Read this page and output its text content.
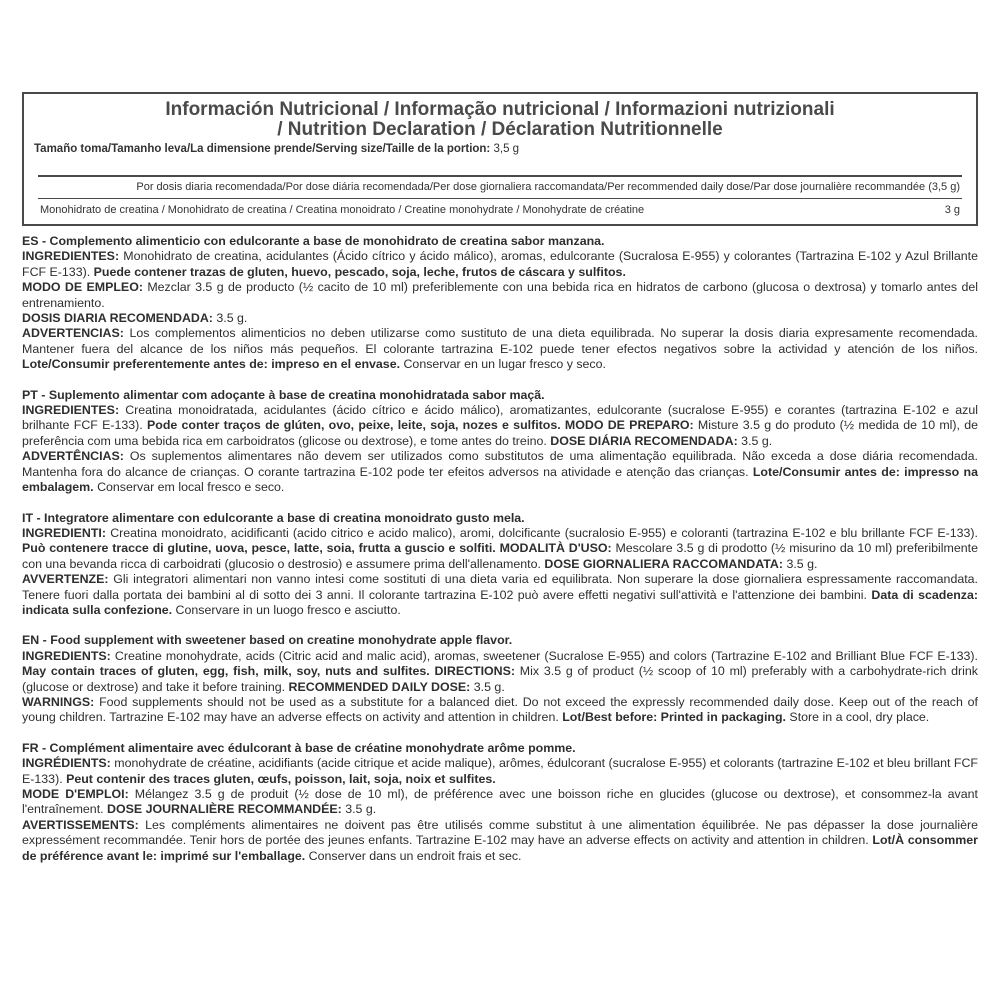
Información Nutricional / Informação nutricional / Informazioni nutrizionali
/ Nutrition Declaration / Déclaration Nutritionnelle
Tamaño toma/Tamanho leva/La dimensione prende/Serving size/Taille de la portion: 3,5 g
Por dosis diaria recomendada/Por dose diária recomendada/Per dose giornaliera raccomandata/Per recommended daily dose/Par dose journalière recommandée (3,5 g)
Monohidrato de creatina / Monohidrato de creatina / Creatina monoidrato / Creatine monohydrate / Monohydrate de créatine	3 g

ES - Complemento alimenticio con edulcorante a base de monohidrato de creatina sabor manzana.

INGREDIENTES: Monohidrato de creatina, acidulantes (Ácido cítrico y ácido málico), aromas, edulcorante (Sucralosa E-955) y colorantes (Tartrazina E-102 y Azul Brillante FCF E-133). Puede contener trazas de gluten, huevo, pescado, soja, leche, frutos de cáscara y sulfitos.

MODO DE EMPLEO: Mezclar 3.5 g de producto (½ cacito de 10 ml) preferiblemente con una bebida rica en hidratos de carbono (glucosa o dextrosa) y tomarlo antes del entrenamiento.

DOSIS DIARIA RECOMENDADA: 3.5 g.

ADVERTENCIAS: Los complementos alimenticios no deben utilizarse como sustituto de una dieta equilibrada. No superar la dosis diaria expresamente recomendada. Mantener fuera del alcance de los niños más pequeños. El colorante tartrazina E-102 puede tener efectos negativos sobre la actividad y atención de los niños. Lote/Consumir preferentemente antes de: impreso en el envase. Conservar en un lugar fresco y seco.

PT - Suplemento alimentar com adoçante à base de creatina monohidratada sabor maçã.

INGREDIENTES: Creatina monoidratada, acidulantes (ácido cítrico e ácido málico), aromatizantes, edulcorante (sucralose E-955) e corantes (tartrazina E-102 e azul brilhante FCF E-133). Pode conter traços de glúten, ovo, peixe, leite, soja, nozes e sulfitos. MODO DE PREPARO: Misture 3.5 g do produto (½ medida de 10 ml), de preferência com uma bebida rica em carboidratos (glicose ou dextrose), e tome antes do treino. DOSE DIÁRIA RECOMENDADA: 3.5 g.

ADVERTÊNCIAS: Os suplementos alimentares não devem ser utilizados como substitutos de uma alimentação equilibrada. Não exceda a dose diária recomendada. Mantenha fora do alcance de crianças. O corante tartrazina E-102 pode ter efeitos adversos na atividade e atenção das crianças. Lote/Consumir antes de: impresso na embalagem. Conservar em local fresco e seco.

IT - Integratore alimentare con edulcorante a base di creatina monoidrato gusto mela.

INGREDIENTI: Creatina monoidrato, acidificanti (acido citrico e acido malico), aromi, dolcificante (sucralosio E-955) e coloranti (tartrazina E-102 e blu brillante FCF E-133). Può contenere tracce di glutine, uova, pesce, latte, soia, frutta a guscio e solfiti. MODALITÀ D'USO: Mescolare 3.5 g di prodotto (½ misurino da 10 ml) preferibilmente con una bevanda ricca di carboidrati (glucosio o destrosio) e assumere prima dell'allenamento. DOSE GIORNALIERA RACCOMANDATA: 3.5 g.

AVVERTENZE: Gli integratori alimentari non vanno intesi come sostituti di una dieta varia ed equilibrata. Non superare la dose giornaliera espressamente raccomandata. Tenere fuori dalla portata dei bambini al di sotto dei 3 anni. Il colorante tartrazina E-102 può avere effetti negativi sull'attività e l'attenzione dei bambini. Data di scadenza: indicata sulla confezione. Conservare in un luogo fresco e asciutto.

EN - Food supplement with sweetener based on creatine monohydrate apple flavor.

INGREDIENTS: Creatine monohydrate, acids (Citric acid and malic acid), aromas, sweetener (Sucralose E-955) and colors (Tartrazine E-102 and Brilliant Blue FCF E-133). May contain traces of gluten, egg, fish, milk, soy, nuts and sulfites. DIRECTIONS: Mix 3.5 g of product (½ scoop of 10 ml) preferably with a carbohydrate-rich drink (glucose or dextrose) and take it before training. RECOMMENDED DAILY DOSE: 3.5 g.

WARNINGS: Food supplements should not be used as a substitute for a balanced diet. Do not exceed the expressly recommended daily dose. Keep out of the reach of young children. Tartrazine E-102 may have an adverse effects on activity and attention in children. Lot/Best before: Printed in packaging. Store in a cool, dry place.

FR - Complément alimentaire avec édulcorant à base de créatine monohydrate arôme pomme.

INGRÉDIENTS: monohydrate de créatine, acidifiants (acide citrique et acide malique), arômes, édulcorant (sucralose E-955) et colorants (tartrazine E-102 et bleu brillant FCF E-133). Peut contenir des traces gluten, œufs, poisson, lait, soja, noix et sulfites.

MODE D'EMPLOI: Mélangez 3.5 g de produit (½ dose de 10 ml), de préférence avec une boisson riche en glucides (glucose ou dextrose), et consommez-la avant l'entraînement. DOSE JOURNALIÈRE RECOMMANDÉE: 3.5 g.

AVERTISSEMENTS: Les compléments alimentaires ne doivent pas être utilisés comme substitut à une alimentation équilibrée. Ne pas dépasser la dose journalière expressément recommandée. Tenir hors de portée des jeunes enfants. Tartrazine E-102 may have an adverse effects on activity and attention in children. Lot/À consommer de préférence avant le: imprimé sur l'emballage. Conserver dans un endroit frais et sec.
